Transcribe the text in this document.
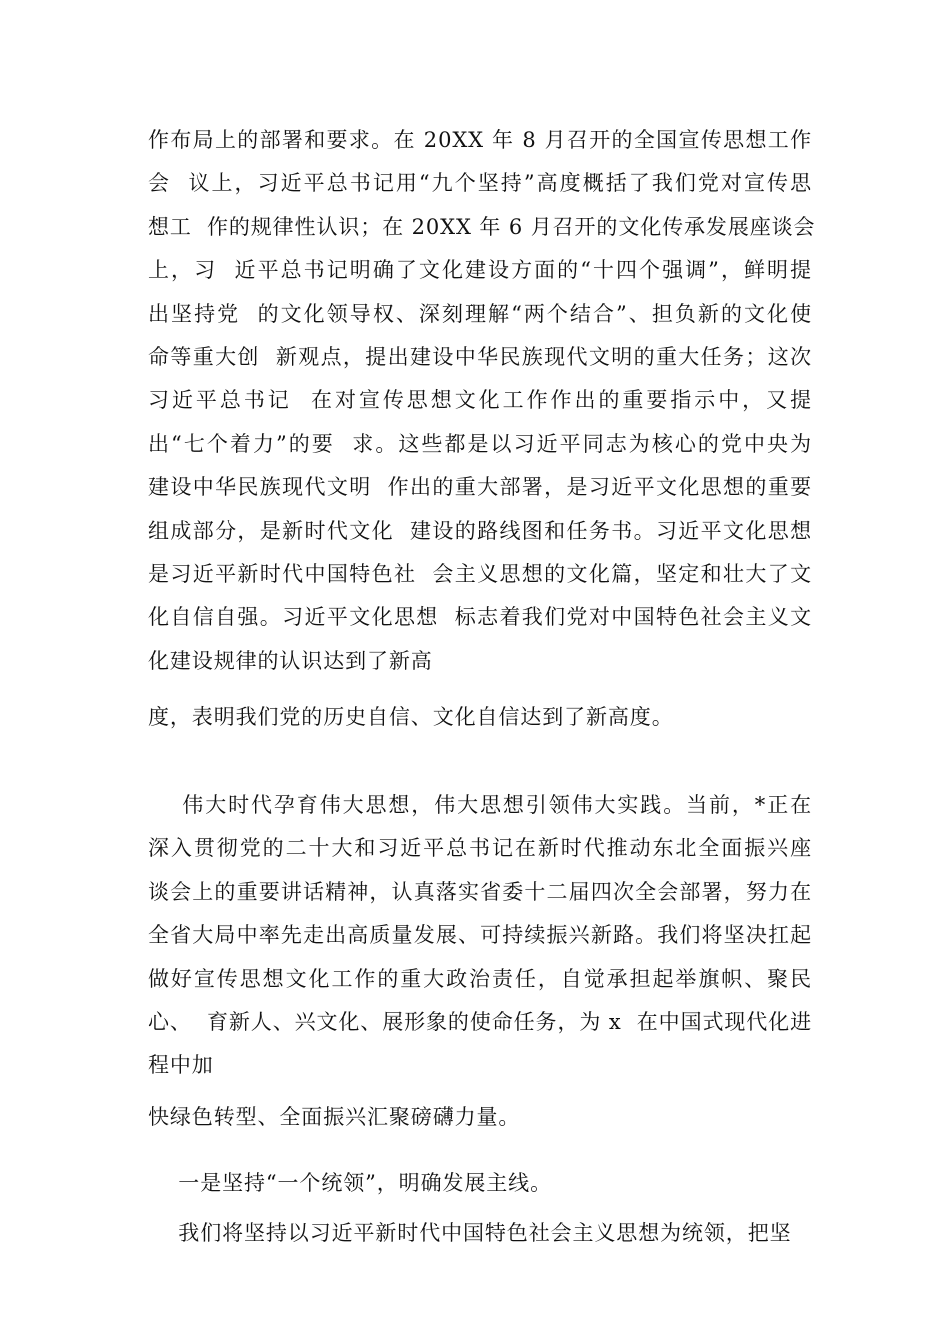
作布局上的部署和要求。在 20XX 年 8 月召开的全国宣传思想工作
会  议上，习近平总书记用“九个坚持”高度概括了我们党对宣传思
想工  作的规律性认识；在 20XX 年 6 月召开的文化传承发展座谈会
上，习  近平总书记明确了文化建设方面的“十四个强调”，鲜明提
出坚持党  的文化领导权、深刻理解“两个结合”、担负新的文化使
命等重大创  新观点，提出建设中华民族现代文明的重大任务；这次
习近平总书记  在对宣传思想文化工作作出的重要指示中，又提
出“七个着力”的要  求。这些都是以习近平同志为核心的党中央为
建设中华民族现代文明  作出的重大部署，是习近平文化思想的重要
组成部分，是新时代文化  建设的路线图和任务书。习近平文化思想
是习近平新时代中国特色社  会主义思想的文化篇，坚定和壮大了文
化自信自强。习近平文化思想  标志着我们党对中国特色社会主义文
化建设规律的认识达到了新高
度，表明我们党的历史自信、文化自信达到了新高度。
伟大时代孕育伟大思想，伟大思想引领伟大实践。当前，*正在
深入贯彻党的二十大和习近平总书记在新时代推动东北全面振兴座
谈会上的重要讲话精神，认真落实省委十二届四次全会部署，努力在
全省大局中率先走出高质量发展、可持续振兴新路。我们将坚决扛起
做好宣传思想文化工作的重大政治责任，自觉承担起举旗帜、聚民
心、  育新人、兴文化、展形象的使命任务，为 x  在中国式现代化进
程中加
快绿色转型、全面振兴汇聚磅礴力量。
一是坚持“一个统领”，明确发展主线。
我们将坚持以习近平新时代中国特色社会主义思想为统领，把坚
